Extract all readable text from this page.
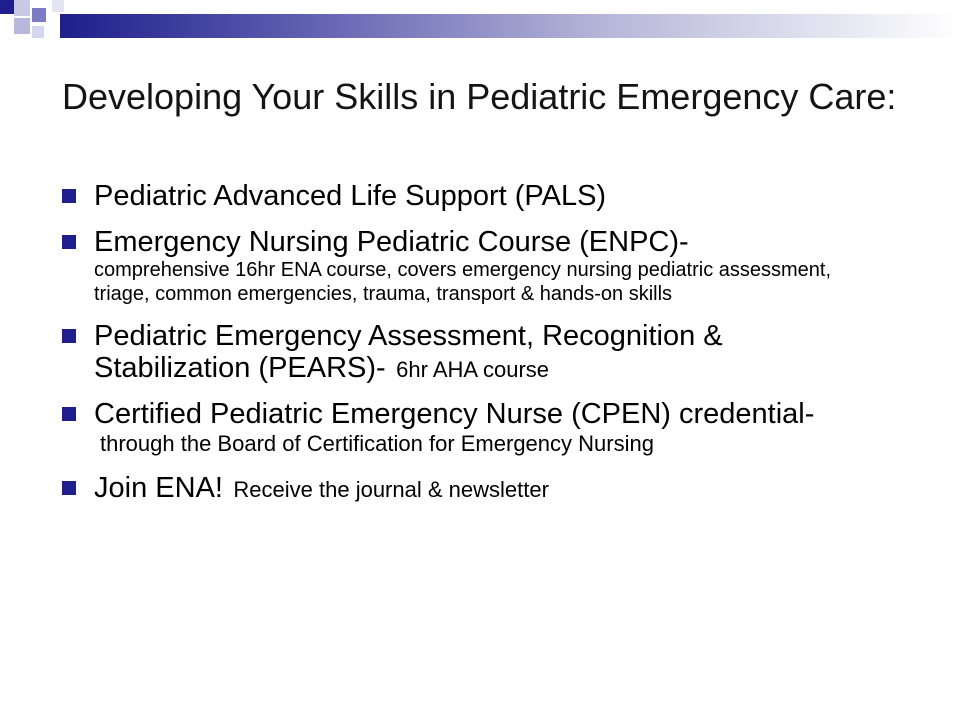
Developing Your Skills in Pediatric Emergency Care:
Pediatric Advanced Life Support (PALS)
Emergency Nursing Pediatric Course (ENPC)-
comprehensive 16hr ENA course, covers emergency nursing pediatric assessment, triage, common emergencies, trauma, transport & hands-on skills
Pediatric Emergency Assessment, Recognition & Stabilization (PEARS)- 6hr AHA course
Certified Pediatric Emergency Nurse (CPEN) credential- through the Board of Certification for Emergency Nursing
Join ENA! Receive the journal & newsletter
